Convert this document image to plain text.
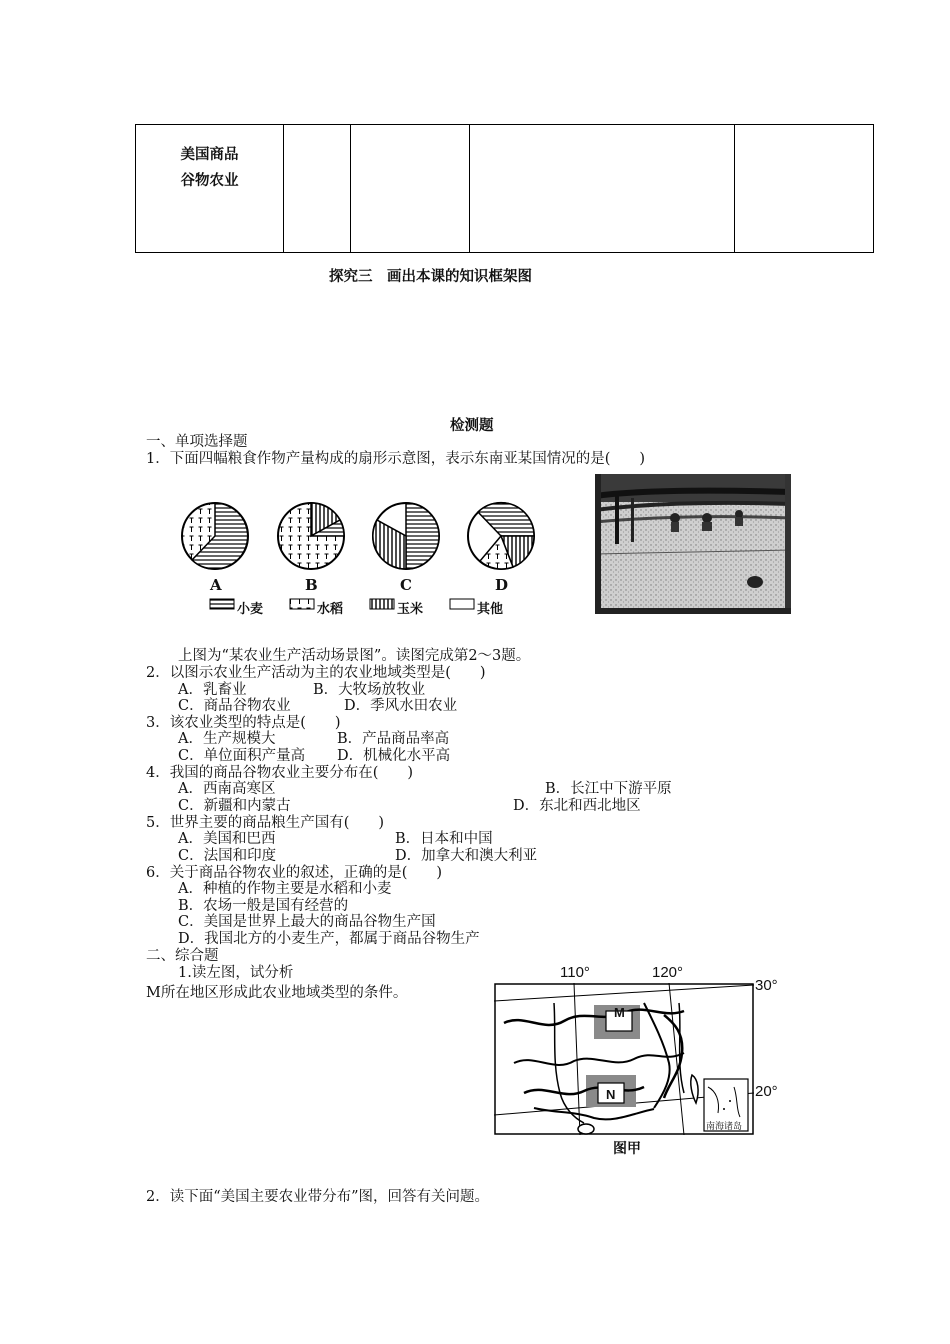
美国商品
谷物农业

探究三　画出本课的知识框架图
检测题
一、单项选择题
1．下面四幅粮食作物产量构成的扇形示意图，表示东南亚某国情况的是(　　)
A	B	C	D
小麦	水稻	玉米	其他
上图为“某农业生产活动场景图”。读图完成第2～3题。
2．以图示农业生产活动为主的农业地域类型是(　　)
A．乳畜业	B．大牧场放牧业
C．商品谷物农业	D．季风水田农业
3．该农业类型的特点是(　　)
A．生产规模大	B．产品商品率高
C．单位面积产量高 D．机械化水平高
4．我国的商品谷物农业主要分布在(　　)
A．西南高寒区	B．长江中下游平原
C．新疆和内蒙古	D．东北和西北地区
5．世界主要的商品粮生产国有(　　)
A．美国和巴西	B．日本和中国
C．法国和印度	D．加拿大和澳大利亚
6．关于商品谷物农业的叙述，正确的是(　　)
A．种植的作物主要是水稻和小麦
B．农场一般是国有经营的
C．美国是世界上最大的商品谷物生产国
D．我国北方的小麦生产，都属于商品谷物生产
二、综合题
1.读左图，试分析
M所在地区形成此农业地域类型的条件。
110°	120°
30°
20°
M
N
南海诸岛
图甲
2．读下面“美国主要农业带分布”图，回答有关问题。
